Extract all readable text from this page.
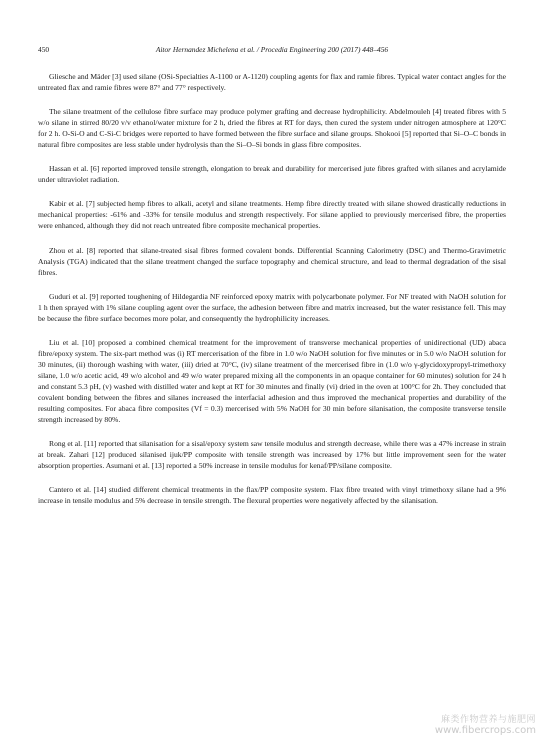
450	Aitor Hernandez Michelena et al. / Procedia Engineering 200 (2017) 448–456

Gliesche and Mäder [3] used silane (OSi-Specialties A-1100 or A-1120) coupling agents for flax and ramie fibres. Typical water contact angles for the untreated flax and ramie fibres were 87° and 77° respectively.

The silane treatment of the cellulose fibre surface may produce polymer grafting and decrease hydrophilicity. Abdelmouleh [4] treated fibres with 5 w/o silane in stirred 80/20 v/v ethanol/water mixture for 2 h, dried the fibres at RT for days, then cured the system under nitrogen atmosphere at 120°C for 2 h. O-Si-O and C-Si-C bridges were reported to have formed between the fibre surface and silane groups. Shokooi [5] reported that Si–O–C bonds in natural fibre composites are less stable under hydrolysis than the Si–O–Si bonds in glass fibre composites.

Hassan et al. [6] reported improved tensile strength, elongation to break and durability for mercerised jute fibres grafted with silanes and acrylamide under ultraviolet radiation.

Kabir et al. [7] subjected hemp fibres to alkali, acetyl and silane treatments. Hemp fibre directly treated with silane showed drastically reductions in mechanical properties: -61% and -33% for tensile modulus and strength respectively. For silane applied to previously mercerised fibre, the properties were enhanced, although they did not reach untreated fibre composite mechanical properties.

Zhou et al. [8] reported that silane-treated sisal fibres formed covalent bonds. Differential Scanning Calorimetry (DSC) and Thermo-Gravimetric Analysis (TGA) indicated that the silane treatment changed the surface topography and chemical structure, and lead to thermal degradation of the sisal fibres.

Guduri et al. [9] reported toughening of Hildegardia NF reinforced epoxy matrix with polycarbonate polymer. For NF treated with NaOH solution for 1 h then sprayed with 1% silane coupling agent over the surface, the adhesion between fibre and matrix increased, but the water resistance fell. This may be because the fibre surface becomes more polar, and consequently the hydrophilicity increases.

Liu et al. [10] proposed a combined chemical treatment for the improvement of transverse mechanical properties of unidirectional (UD) abaca fibre/epoxy system. The six-part method was (i) RT mercerisation of the fibre in 1.0 w/o NaOH solution for five minutes or in 5.0 w/o NaOH solution for 30 minutes, (ii) thorough washing with water, (iii) dried at 70°C, (iv) silane treatment of the mercerised fibre in (1.0 w/o γ-glycidoxypropyl-trimethoxy silane, 1.0 w/o acetic acid, 49 w/o alcohol and 49 w/o water prepared mixing all the components in an opaque container for 60 minutes) solution for 24 h and constant 5.3 pH, (v) washed with distilled water and kept at RT for 30 minutes and finally (vi) dried in the oven at 100°C for 2h. They concluded that covalent bonding between the fibres and silanes increased the interfacial adhesion and thus improved the mechanical properties and durability of the resulting composites. For abaca fibre composites (Vf = 0.3) mercerised with 5% NaOH for 30 min before silanisation, the composite transverse tensile strength increased by 80%.

Rong et al. [11] reported that silanisation for a sisal/epoxy system saw tensile modulus and strength decrease, while there was a 47% increase in strain at break. Zahari [12] produced silanised ijuk/PP composite with tensile strength was increased by 17% but little improvement seen for the water absorption properties. Asumani et al. [13] reported a 50% increase in tensile modulus for kenaf/PP/silane composite.

Cantero et al. [14] studied different chemical treatments in the flax/PP composite system. Flax fibre treated with vinyl trimethoxy silane had a 9% increase in tensile modulus and 5% decrease in tensile strength. The flexural properties were negatively affected by the silanisation.

麻类作物营养与施肥网
www.fibercrops.com
